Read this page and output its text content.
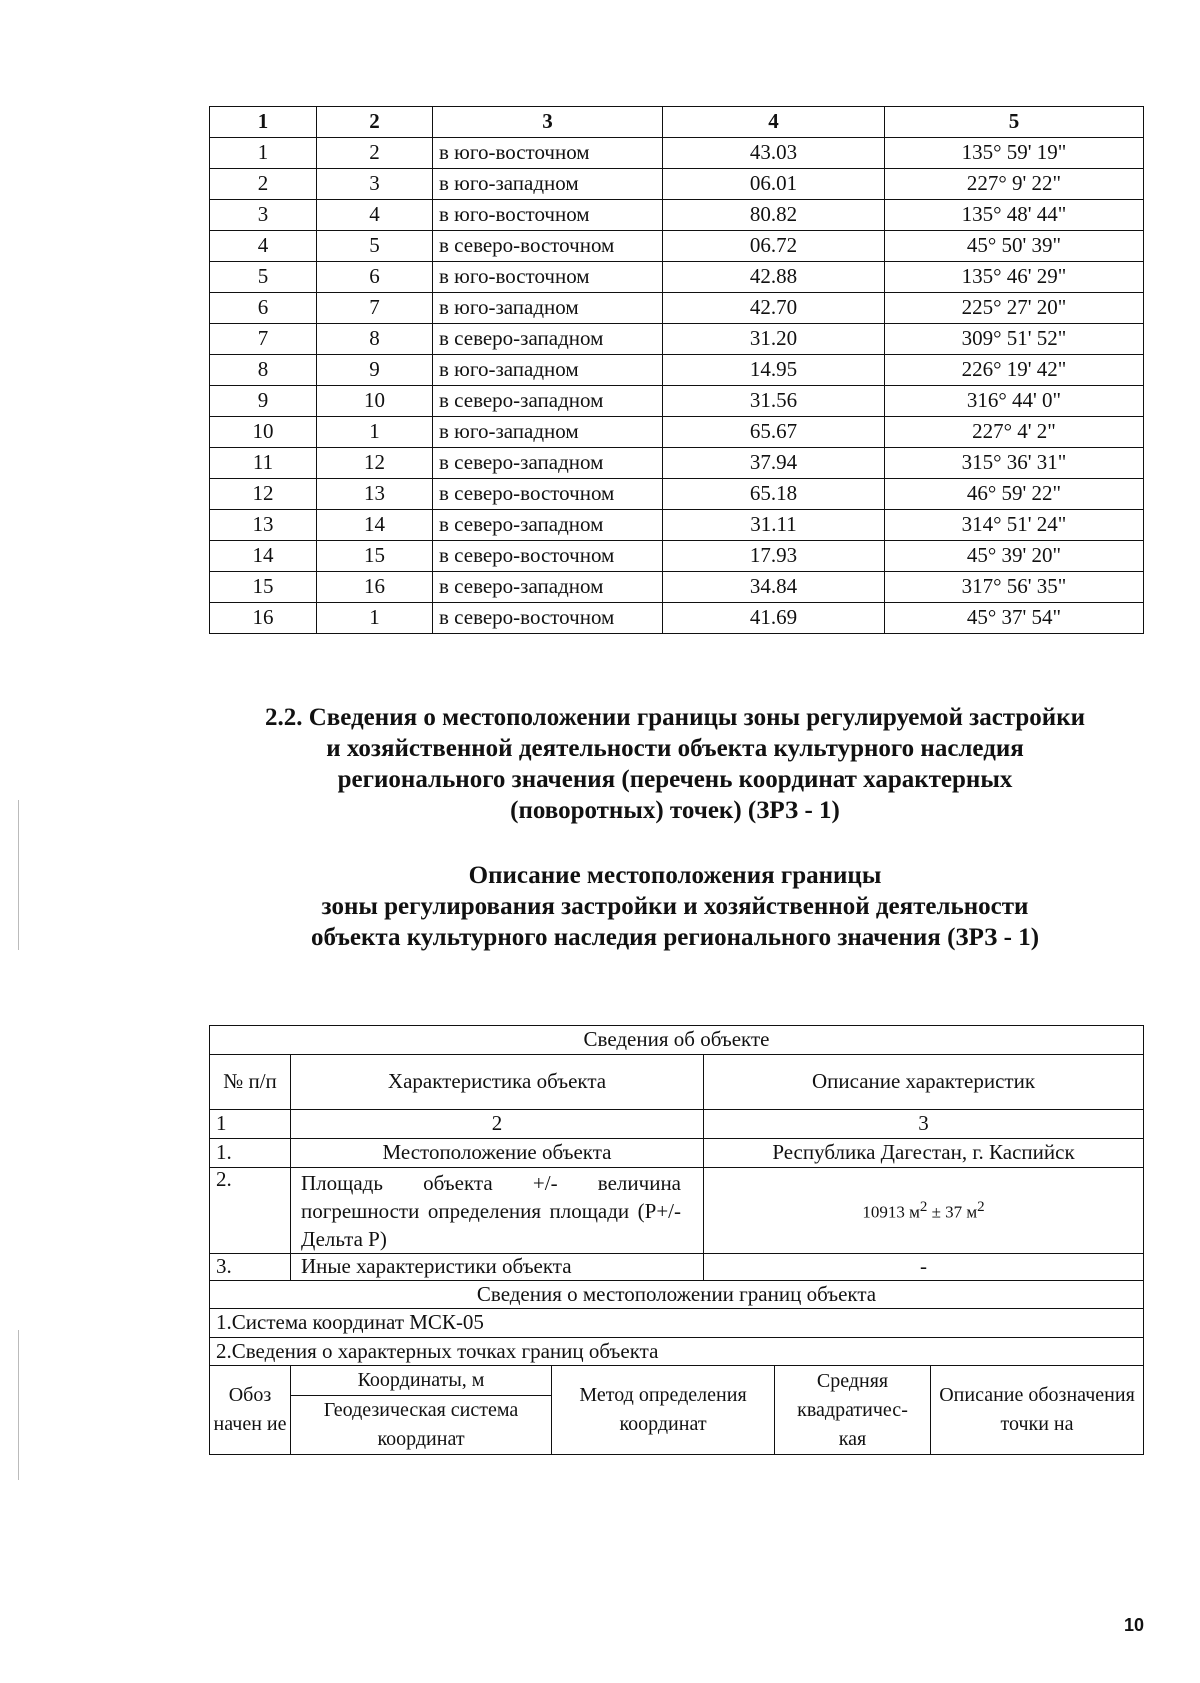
1	2	3	4	5
1	2	в юго-восточном	43.03	135° 59' 19"
2	3	в юго-западном	06.01	227° 9' 22"
3	4	в юго-восточном	80.82	135° 48' 44"
4	5	в северо-восточном	06.72	45° 50' 39"
5	6	в юго-восточном	42.88	135° 46' 29"
6	7	в юго-западном	42.70	225° 27' 20"
7	8	в северо-западном	31.20	309° 51' 52"
8	9	в юго-западном	14.95	226° 19' 42"
9	10	в северо-западном	31.56	316° 44' 0"
10	1	в юго-западном	65.67	227° 4' 2"
11	12	в северо-западном	37.94	315° 36' 31"
12	13	в северо-восточном	65.18	46° 59' 22"
13	14	в северо-западном	31.11	314° 51' 24"
14	15	в северо-восточном	17.93	45° 39' 20"
15	16	в северо-западном	34.84	317° 56' 35"
16	1	в северо-восточном	41.69	45° 37' 54"
2.2. Сведения о местоположении границы зоны регулируемой застройки
и хозяйственной деятельности объекта культурного наследия
регионального значения (перечень координат характерных
(поворотных) точек) (ЗРЗ - 1)
Описание местоположения границы
зоны регулирования застройки и хозяйственной деятельности
объекта культурного наследия регионального значения (ЗРЗ - 1)
Сведения об объекте		
№ п/п	Характеристика объекта	Описание характеристик
1	2	3
1.	Местоположение объекта	Республика Дагестан, г. Каспийск
2.	Площадь объекта +/- величина погрешности определения площади (Р+/- Дельта Р)	10913 $м^2 \pm 37$ $м^2$
3.	Иные характеристики объекта	-
Сведения о местоположении границ объекта		
1.Система координат МСК-05		
2.Сведения о характерных точках границ объекта		
Обоз начен ие	Координаты, м	Метод определения координат	Средняя квадратичес- кая	Описание обозначения точки на
Геодезическая система координат
10
